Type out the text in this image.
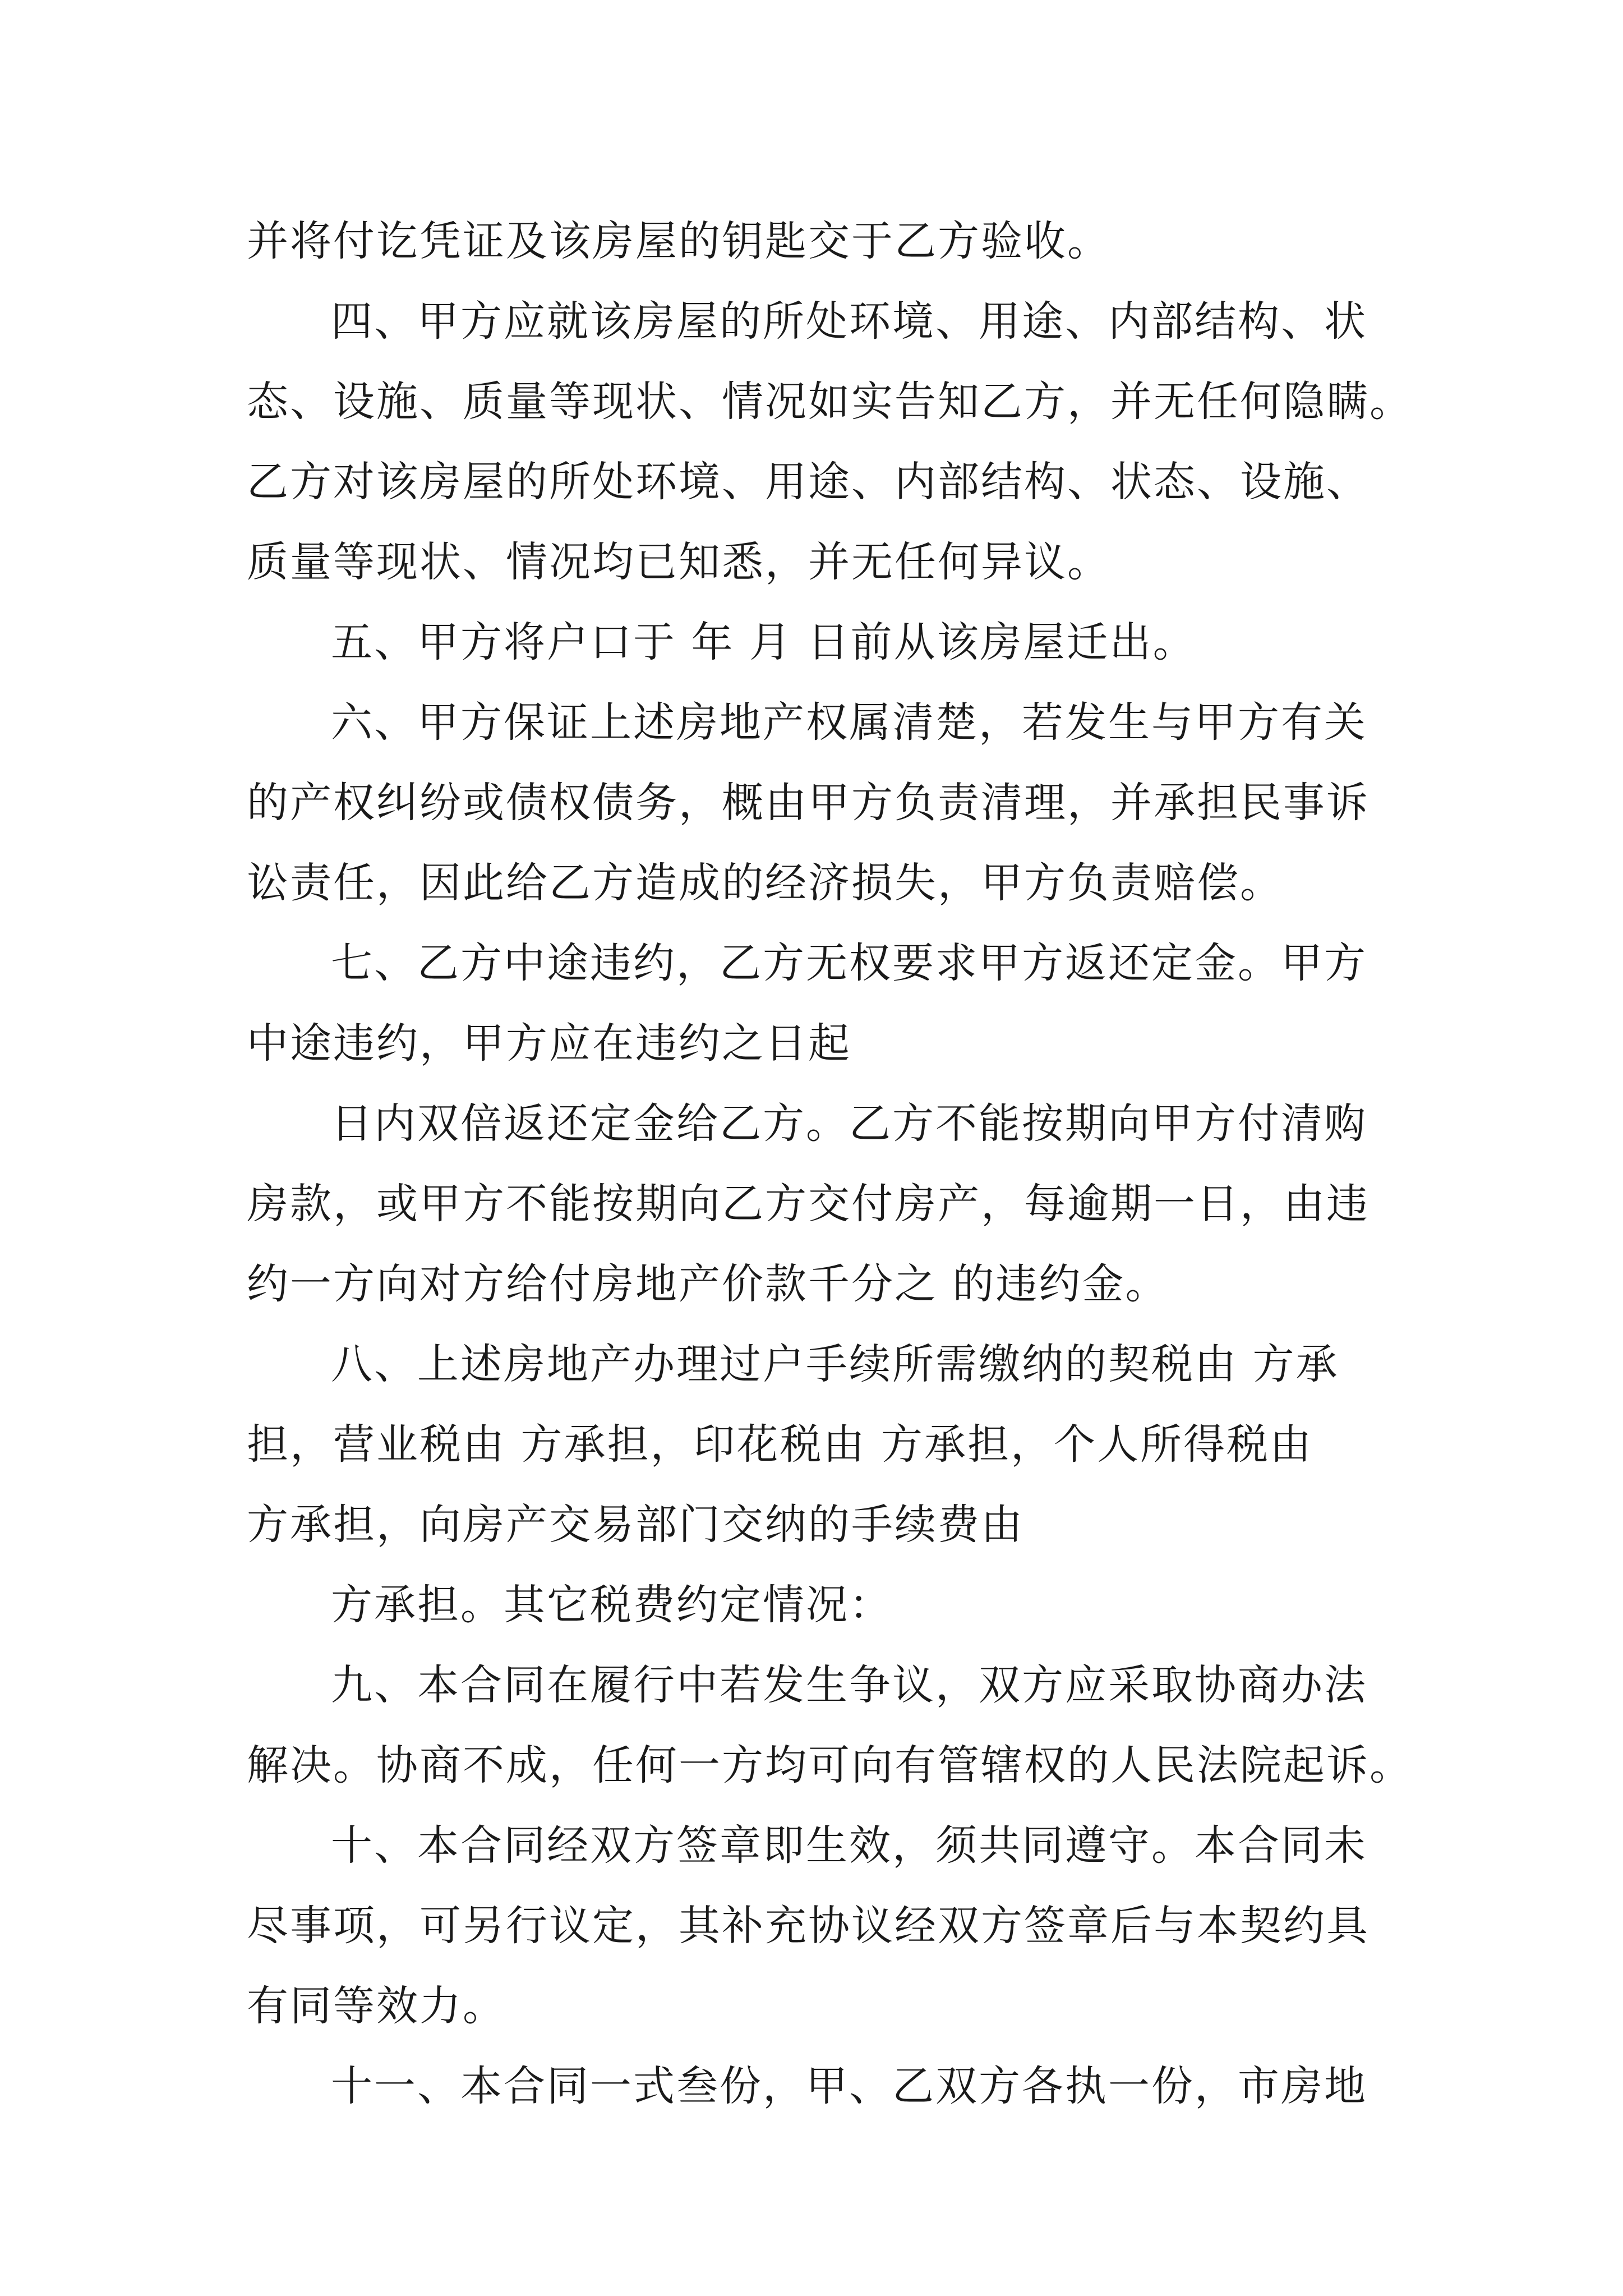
并将付讫凭证及该房屋的钥匙交于乙方验收。
四、甲方应就该房屋的所处环境、用途、内部结构、状
态、设施、质量等现状、情况如实告知乙方，并无任何隐瞒。
乙方对该房屋的所处环境、用途、内部结构、状态、设施、
质量等现状、情况均已知悉，并无任何异议。
五、甲方将户口于 年 月 日前从该房屋迁出。
六、甲方保证上述房地产权属清楚，若发生与甲方有关
的产权纠纷或债权债务，概由甲方负责清理，并承担民事诉
讼责任，因此给乙方造成的经济损失，甲方负责赔偿。
七、乙方中途违约，乙方无权要求甲方返还定金。甲方
中途违约，甲方应在违约之日起
日内双倍返还定金给乙方。乙方不能按期向甲方付清购
房款，或甲方不能按期向乙方交付房产，每逾期一日，由违
约一方向对方给付房地产价款千分之 的违约金。
八、上述房地产办理过户手续所需缴纳的契税由 方承
担，营业税由 方承担，印花税由 方承担，个人所得税由
方承担，向房产交易部门交纳的手续费由
方承担。其它税费约定情况：
九、本合同在履行中若发生争议，双方应采取协商办法
解决。协商不成，任何一方均可向有管辖权的人民法院起诉。
十、本合同经双方签章即生效，须共同遵守。本合同未
尽事项，可另行议定，其补充协议经双方签章后与本契约具
有同等效力。
十一、本合同一式叁份，甲、乙双方各执一份，市房地
